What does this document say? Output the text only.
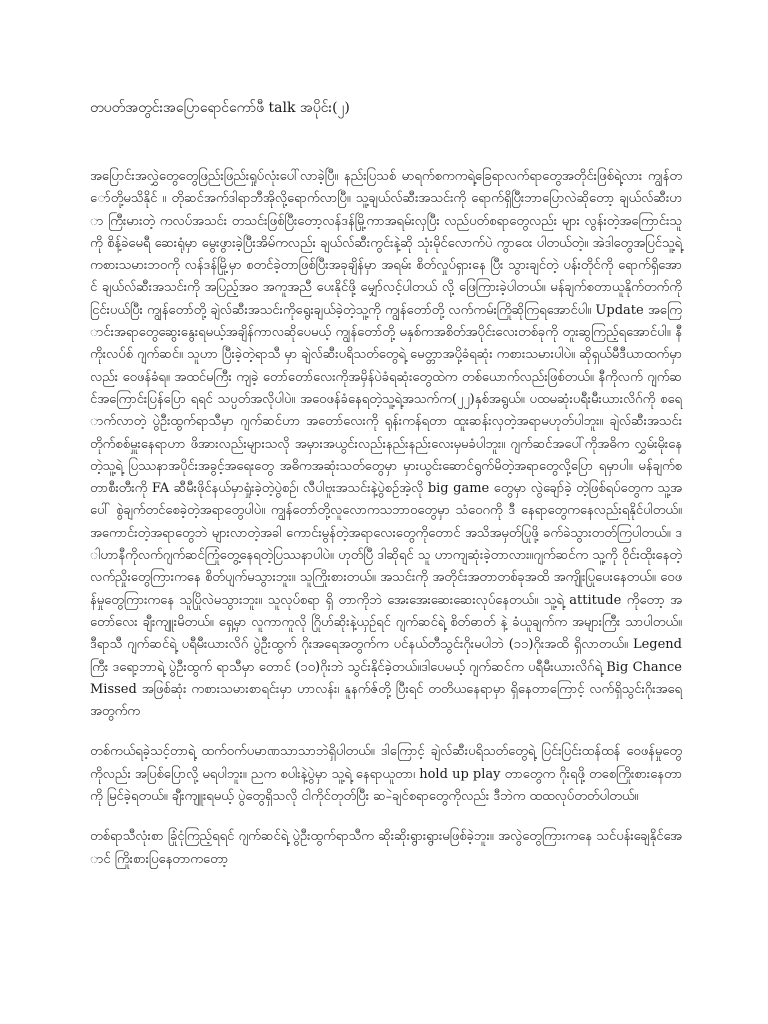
တပတ်အတွင်းအပြောရောင်ကော်ဖီ talk အပိုင်း(၂)

အပြောင်းအလွှဲတွေတွေဖြည်းဖြည်းရှုပ်လုံးပေါ်လာခဲ့ပြီ။ နည်းပြသစ် မာရက်စကကရဲ့ခြေရာလက်ရာတွေအတိုင်းဖြစ်ရဲ့လား ကျွန်တော်တို့မသိနိုင် ။ တိုဆင်အက်ဒါရာဘီအိုလို့ရောက်လာပြီ။ သူ့ချယ်လ်ဆီးအသင်းကို ရောက်ရှိပြီးဘာပြောလဲဆိုတော့ ချယ်လ်ဆီးဟာ ကြီးမားတဲ့ ကလပ်အသင်း တသင်းဖြစ်ပြီးတော့လန်ဒန်မြို့ကာအရမ်းလှပြီး လည်ပတ်စရာတွေလည်း များ လွန်းတဲ့အကြောင်းသူကို စိန့်ခဲမေရီ ဆေးရုံမှာ မွေးဖွားခဲ့ပြီးအိမ်ကလည်း ချယ်လ်ဆီးကွင်းနဲ့ဆို သုံးမိုင်လောက်ပဲ ကွာဝေး ပါတယ်တဲ့။ အဲဒါတွေအပြင်သူ့ရဲ့ ကစားသမားဘဝကို လန်ဒန်မြို့မှာ စတင်ခဲ့တာဖြစ်ပြီးအခုချိန်မှာ အရမ်း စိတ်လှုပ်ရှားနေ ပြီး သွားချင်တဲ့ ပန်းတိုင်ကို ရောက်ရှိအောင် ချယ်လ်ဆီးအသင်းကို အပြည့်အဝ အကူအညီ ပေးနိုင်ဖို့ မျှော်လင့်ပါတယ် လို့ ဖြေကြားခဲ့ပါတယ်။ မန်ချက်စတာယူနိုက်တက်ကိုငြင်းပယ်ပြီး ကျွန်တော်တို့ ချဲလ်ဆီးအသင်းကိုရွေးချယ်ခဲ့တဲ့သူ့ကို ကျွန်တော်တို့ လက်ကမ်းကြိုဆိုကြရအောင်ပါ။ Update အကြောင်းအရာတွေဆွေးနွေးရမယ့်အချိန်ကာလဆိုပေမယ့် ကျွန်တော်တို့ မနှစ်ကအစိတ်အပိုင်းလေးတစ်ခုကို တူးဆွကြည့်ရအောင်ပါ။ နီကိုးလပ်စ် ဂျက်ဆင်။ သူဟာ ပြီးခဲ့တဲ့ရာသီ မှာ ချဲလ်ဆီးပရိသတ်တွေရဲ့ မေတ္တာအပို့ခံရဆုံး ကစားသမားပါပဲ။ ဆိုရှယ်မီဒီယာထက်မှာလည်း ဝေဖန်ခံရ။ အထင်မကြီး ကျခဲ့ တော်တော်လေးကိုအမှိန်ပဲခံရဆုံးတွေထဲက တစ်ယောက်လည်းဖြစ်တယ်။ နီကိုလက် ဂျက်ဆင်အကြောင်းပြန်ပြော ရရင် သပ္ပတ်အလိုပါပဲ။ အဝေဖန်ခံနေရတဲ့သူ့ရဲ့အသက်က(၂၂)နှစ်အရွယ်။ ပထမဆုံးပရီးမီးယားလိဂ်ကို စရောက်လာတဲ့ ပွဲဦးထွက်ရာသီမှာ ဂျက်ဆင်ဟာ အတော်လေးကို ရုန်းကန်ရတာ ထူးဆန်းလှတဲ့အရာမဟုတ်ပါဘူး။ ချဲလ်ဆီးအသင်း တိုက်စစ်မှူးနေရာဟာ ဖိအားလည်းများသလို အမှားအယွင်းလည်းနည်းနည်းလေးမှမခံပါဘူး။ ဂျက်ဆင်အပေါ်ကိုအဓိက လွှမ်းမိုးနေတဲ့သူ့ရဲ့ ပြဿနာအပိုင်းအခွင့်အရေးတွေ အဓိကအဆုံးသတ်တွေမှာ မှားယွင်းဆောင်ရွက်မိတဲ့အရာတွေလို့ပြော ရမှာပါ။ မန်ချက်စတာစီးတီးကို FA ဆီမီးဖိုင်နယ်မှာရှုံးခဲ့တဲ့ပွဲစဉ်၊ လီပါဗူးအသင်းနဲ့ပွဲစဉ်အဲ့လို big game တွေမှာ လွဲချော်ခဲ့ တဲ့ဖြစ်ရပ်တွေက သူ့အပေါ် စွဲချက်တင်စေခဲ့တဲ့အရာတွေပါပဲ။ ကျွန်တော်တို့လူလောကသဘာဝတွေမှာ သံဝေဂကို ဒီ နေရာတွေကနေလည်းရနိုင်ပါတယ်။ အကောင်းတဲ့အရာတွေဘဲ များလာတဲ့အခါ ကောင်းမွန်တဲ့အရာလေးတွေကိုတောင် အသိအမှတ်ပြုဖို့ ခက်ခဲသွားတတ်ကြပါတယ်။ ဒါဟာနီကိုလက်ဂျက်ဆင်ကြုံတွေ့နေရတဲ့ပြဿနာပါပဲ။ ဟုတ်ပြီ ဒါဆိုရင် သူ ဟာကျဆုံးခဲ့တာလား။ဂျက်ဆင်က သူ့ကို ဝိုင်းထိုးနေတဲ့ လက်ညှိုးတွေကြားကနေ စိတ်ပျက်မသွားဘူး။ သူကြိုးစားတယ်။ အသင်းကို အတိုင်းအတာတစ်ခုအထိ အကျိုးပြုပေးနေတယ်။ ဝေဖန်မှုတွေကြားကနေ သူပြိုလဲမသွားဘူး။ သူလုပ်စရာ ရှိ တာကိုဘဲ အေးအေးဆေးဆေးလုပ်နေတယ်။ သူ့ရဲ့ attitude ကိုတော့ အတော်လေး ချီးကျူးမိတယ်။ ရှေ့မှာ လူကာကူလို ဂြိုဟ်ဆိုးနဲ့ယှဉ်ရင် ဂျက်ဆင်ရဲ့ စိတ်ဓာတ် နဲ့ ခံယူချက်က အများကြီး သာပါတယ်။ ဒီရာသီ ဂျက်ဆင်ရဲ့ ပရီမီးယားလိဂ် ပွဲဦးထွက် ဂိုးအရေအတွက်က ပင်နယ်တီသွင်းဂိုးမပါဘဲ (၁၁)ဂိုးအထိ ရှိလာတယ်။ Legend ကြီး ဒရော့ဘာရဲ့ ပွဲဦးထွက် ရာသီမှာ တောင် (၁၀)ဂိုးဘဲ သွင်းနိုင်ခဲ့တယ်။ဒါပေမယ့် ဂျက်ဆင်က ပရီမီးယားလိဂ်ရဲ့ Big Chance Missed အဖြစ်ဆုံး ကစားသမားစာရင်းမှာ ဟာလန်း၊ နူနက်ဇ်တို့ ပြီးရင် တတိယနေရာမှာ ရှိနေတာကြောင့် လက်ရှိသွင်းဂိုးအရေအတွက်က

တစ်ကယ်ရခဲ့သင့်တာရဲ့ ထက်ဝက်ပမာဏသာသာဘဲရှိပါတယ်။ ဒါကြောင့် ချဲလ်ဆီးပရိသတ်တွေရဲ့ ပြင်းပြင်းထန်ထန် ဝေဖန်မှုတွေကိုလည်း အပြစ်ပြောလို့ မရပါဘူး။ ညက စပါးနဲ့ပွဲမှာ သူ့ရဲ့ နေရာယူတာ၊ hold up play တာတွေက ဂိုးရဖို့ တစေကြိုးစားနေတာကို မြင်ခဲ့ရတယ်။ ချီးကျူးရမယ့် ပွဲတွေရှိသလို ငါကိုင်တုတ်ပြီး ဆ-ဲချင်စရာတွေကိုလည်း ဒီဘဲက ထထလုပ်တတ်ပါတယ်။

တစ်ရာသီလုံးစာ ခြုံငုံကြည့်ရရင် ဂျက်ဆင်ရဲ့ ပွဲဦးထွက်ရာသီက ဆိုးဆိုးရွားရွားမဖြစ်ခဲ့ဘူး။ အလွဲတွေကြားကနေ သင်ပန်းချေနိုင်အောင် ကြိုးစားပြနေတာကတော့
